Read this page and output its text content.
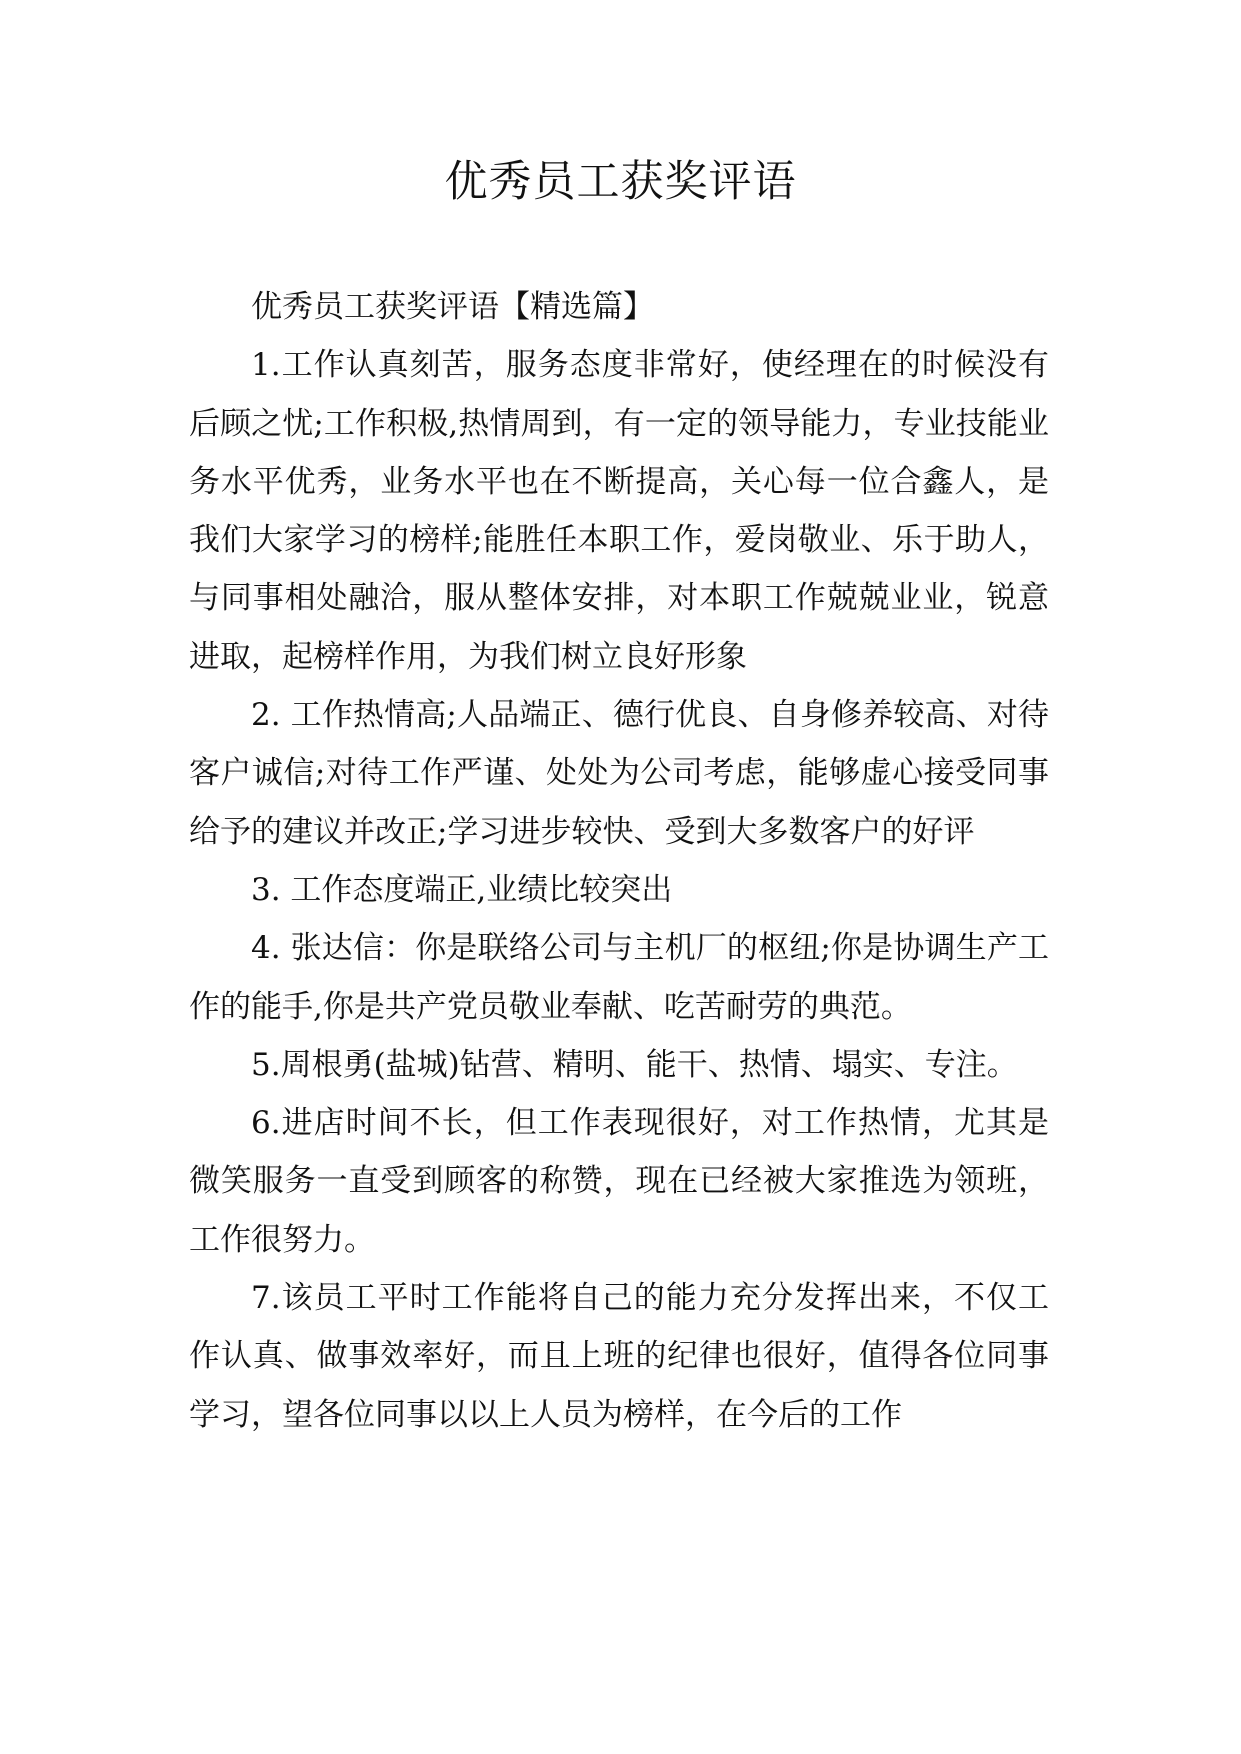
优秀员工获奖评语

优秀员工获奖评语【精选篇】

1.工作认真刻苦，服务态度非常好，使经理在的时候没有后顾之忧;工作积极,热情周到，有一定的领导能力，专业技能业务水平优秀，业务水平也在不断提高，关心每一位合鑫人，是我们大家学习的榜样;能胜任本职工作，爱岗敬业、乐于助人，与同事相处融洽，服从整体安排，对本职工作兢兢业业，锐意进取，起榜样作用，为我们树立良好形象

2. 工作热情高;人品端正、德行优良、自身修养较高、对待客户诚信;对待工作严谨、处处为公司考虑，能够虚心接受同事给予的建议并改正;学习进步较快、受到大多数客户的好评

3. 工作态度端正,业绩比较突出

4. 张达信：你是联络公司与主机厂的枢纽;你是协调生产工作的能手,你是共产党员敬业奉献、吃苦耐劳的典范。

5.周根勇(盐城)钻营、精明、能干、热情、塌实、专注。

6.进店时间不长，但工作表现很好，对工作热情，尤其是微笑服务一直受到顾客的称赞，现在已经被大家推选为领班，工作很努力。

7.该员工平时工作能将自己的能力充分发挥出来，不仅工作认真、做事效率好，而且上班的纪律也很好，值得各位同事学习，望各位同事以以上人员为榜样，在今后的工作
